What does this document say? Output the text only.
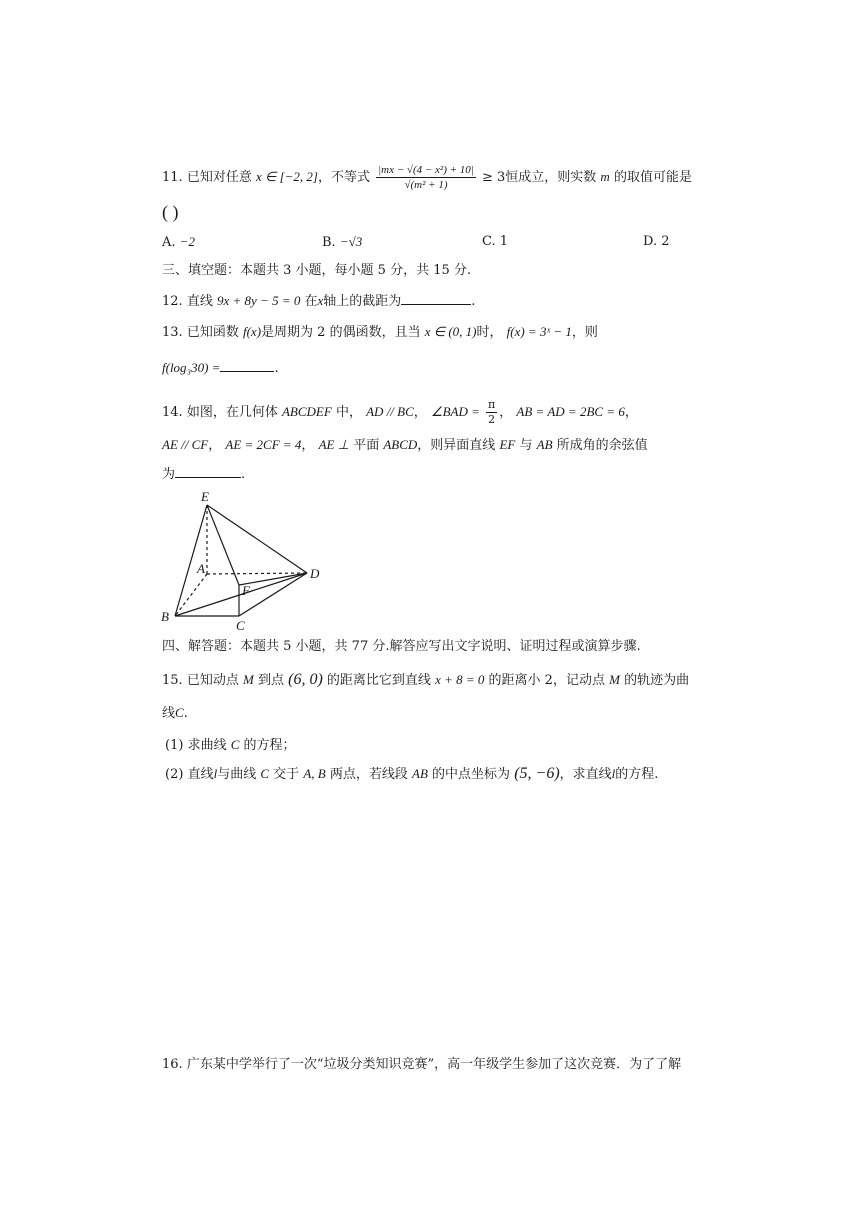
11. 已知对任意 x ∈ [−2, 2]，不等式 $\frac{\text{|mx − √(4 − x²) + 10|}}{\text{√(m² + 1)}} \ge 3$恒成立，则实数 m 的取值可能是
( )
A. −2	B. −√3	C. 1	D. 2
三、填空题：本题共 3 小题，每小题 5 分，共 15 分.
12. 直线 9x + 8y − 5 = 0 在x轴上的截距为	.
13. 已知函数 f(x)是周期为 2 的偶函数，且当 x ∈ (0, 1)时， f(x) = 3ˣ − 1，则
f(log₃30) =	.
14. 如图，在几何体 ABCDEF 中， AD // BC， ∠BAD = $\frac{\pi}{2}$ ， AB = AD = 2BC = 6，
AE // CF， AE = 2CF = 4， AE ⊥ 平面 ABCD，则异面直线 EF 与 AB 所成角的余弦值
为	.
E
A	D
F
B
C
四、解答题：本题共 5 小题，共 77 分.解答应写出文字说明、证明过程或演算步骤.
15. 已知动点 M 到点 (6, 0) 的距离比它到直线 x + 8 = 0 的距离小 2，记动点 M 的轨迹为曲
线C.
(1) 求曲线 C 的方程；
(2) 直线l与曲线 C 交于 A, B 两点，若线段 AB 的中点坐标为 (5, −6)，求直线l的方程.
16. 广东某中学举行了一次“垃圾分类知识竞赛”，高一年级学生参加了这次竞赛．为了了解
